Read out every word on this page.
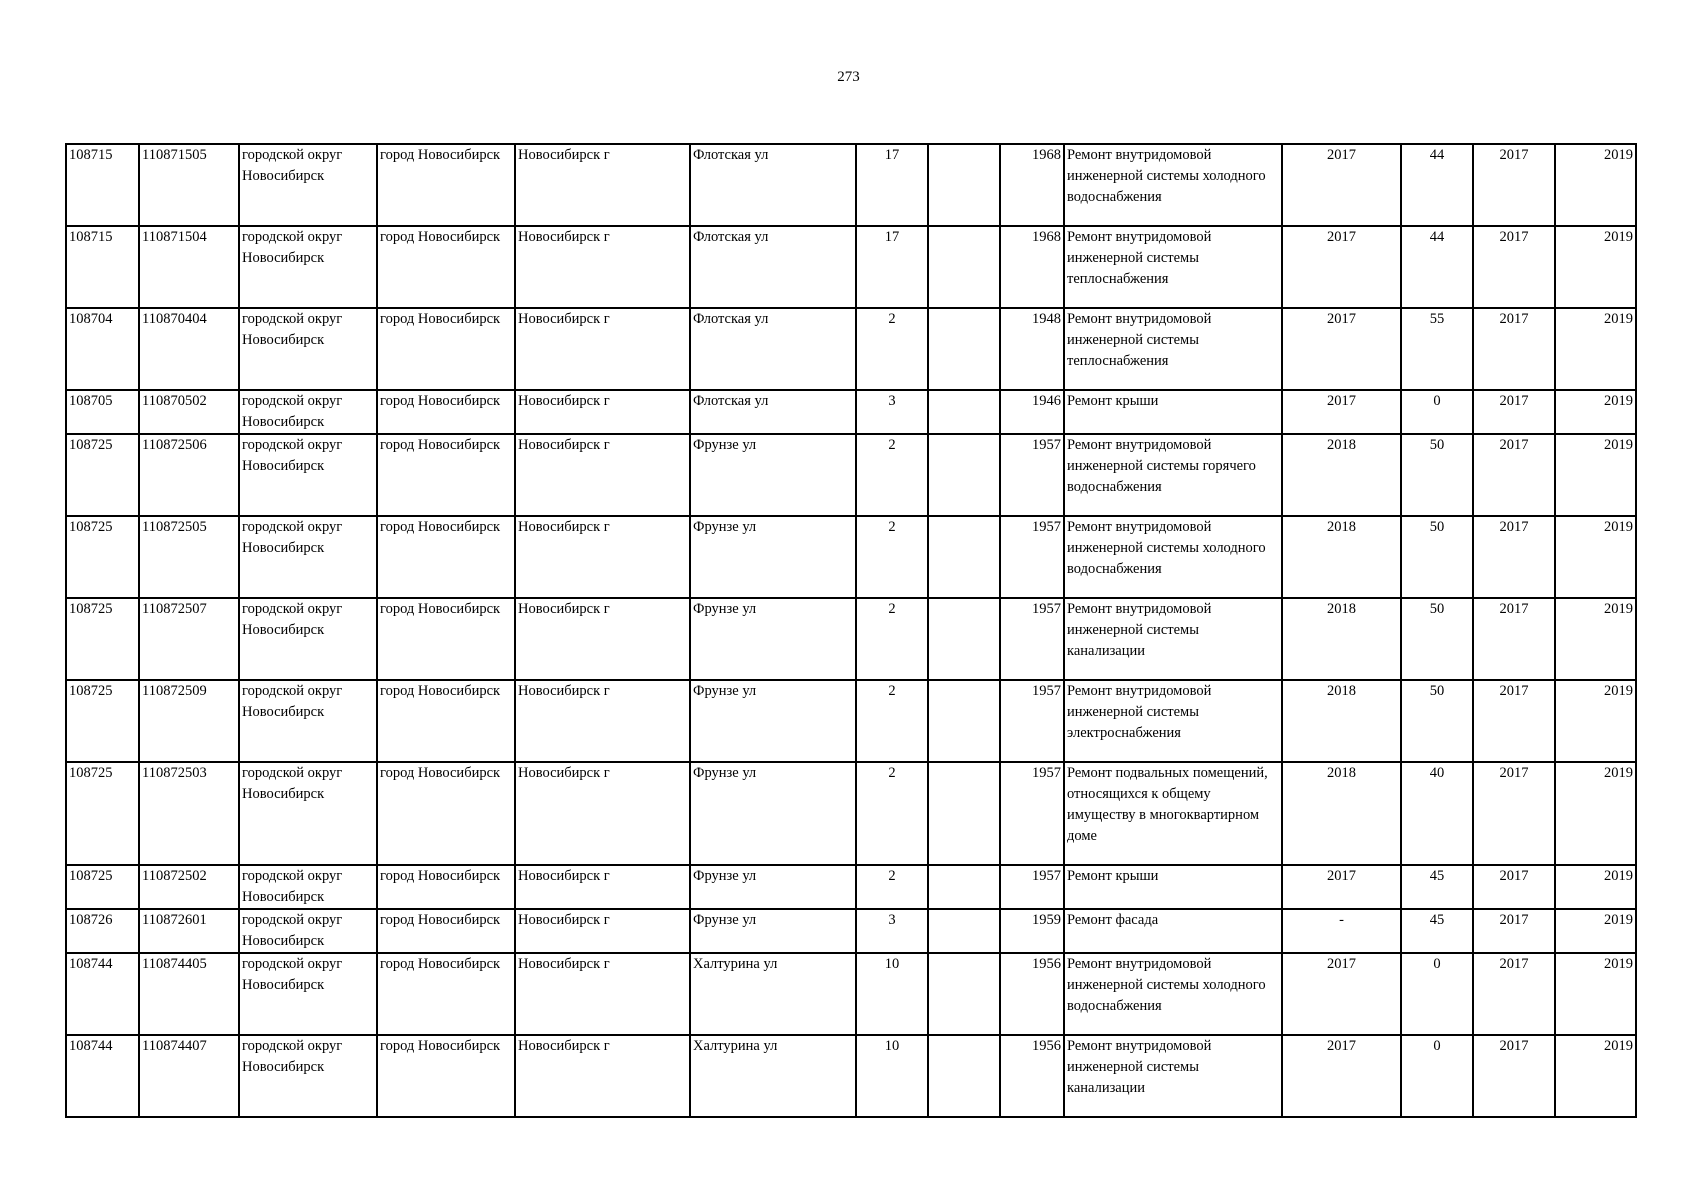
273
108715	110871505	городской округ Новосибирск	город Новосибирск	Новосибирск г	Флотская ул	17		1968	Ремонт внутридомовой инженерной системы холодного водоснабжения	2017	44	2017	2019
108715	110871504	городской округ Новосибирск	город Новосибирск	Новосибирск г	Флотская ул	17		1968	Ремонт внутридомовой инженерной системы теплоснабжения	2017	44	2017	2019
108704	110870404	городской округ Новосибирск	город Новосибирск	Новосибирск г	Флотская ул	2		1948	Ремонт внутридомовой инженерной системы теплоснабжения	2017	55	2017	2019
108705	110870502	городской округ Новосибирск	город Новосибирск	Новосибирск г	Флотская ул	3		1946	Ремонт крыши	2017	0	2017	2019
108725	110872506	городской округ Новосибирск	город Новосибирск	Новосибирск г	Фрунзе ул	2		1957	Ремонт внутридомовой инженерной системы горячего водоснабжения	2018	50	2017	2019
108725	110872505	городской округ Новосибирск	город Новосибирск	Новосибирск г	Фрунзе ул	2		1957	Ремонт внутридомовой инженерной системы холодного водоснабжения	2018	50	2017	2019
108725	110872507	городской округ Новосибирск	город Новосибирск	Новосибирск г	Фрунзе ул	2		1957	Ремонт внутридомовой инженерной системы канализации	2018	50	2017	2019
108725	110872509	городской округ Новосибирск	город Новосибирск	Новосибирск г	Фрунзе ул	2		1957	Ремонт внутридомовой инженерной системы электроснабжения	2018	50	2017	2019
108725	110872503	городской округ Новосибирск	город Новосибирск	Новосибирск г	Фрунзе ул	2		1957	Ремонт подвальных помещений, относящихся к общему имуществу в многоквартирном доме	2018	40	2017	2019
108725	110872502	городской округ Новосибирск	город Новосибирск	Новосибирск г	Фрунзе ул	2		1957	Ремонт крыши	2017	45	2017	2019
108726	110872601	городской округ Новосибирск	город Новосибирск	Новосибирск г	Фрунзе ул	3		1959	Ремонт фасада	-	45	2017	2019
108744	110874405	городской округ Новосибирск	город Новосибирск	Новосибирск г	Халтурина ул	10		1956	Ремонт внутридомовой инженерной системы холодного водоснабжения	2017	0	2017	2019
108744	110874407	городской округ Новосибирск	город Новосибирск	Новосибирск г	Халтурина ул	10		1956	Ремонт внутридомовой инженерной системы канализации	2017	0	2017	2019
